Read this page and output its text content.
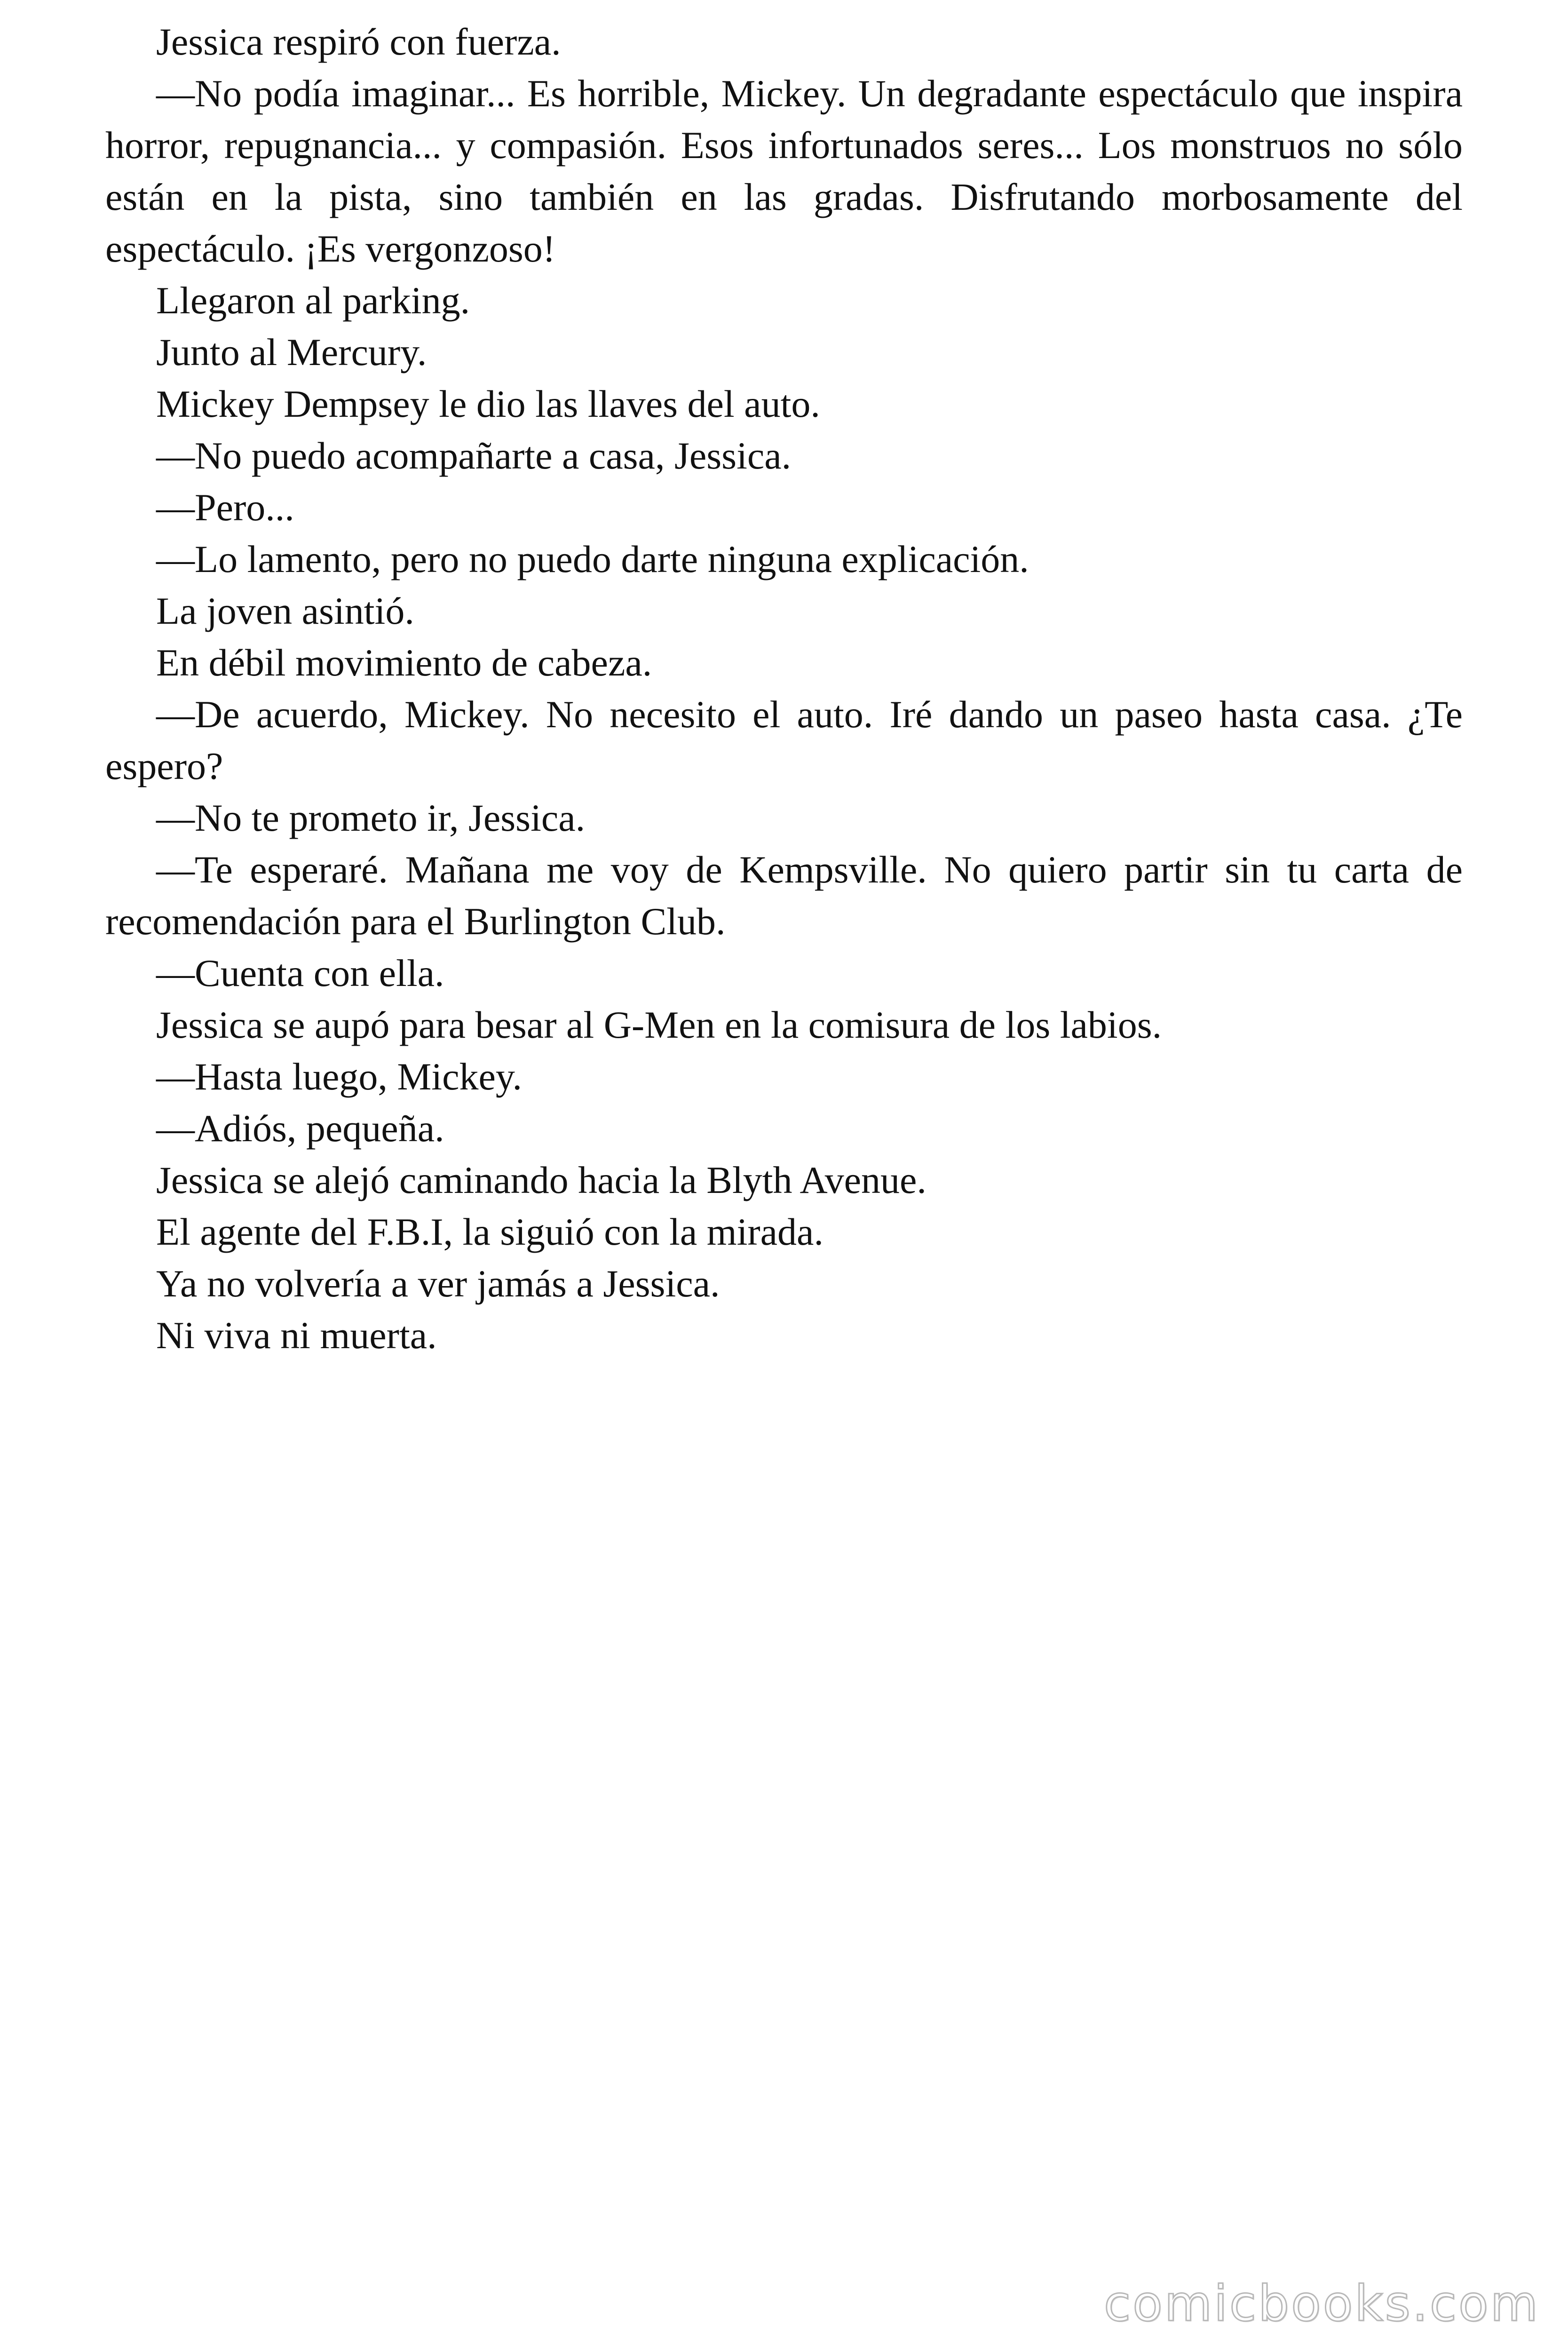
Jessica respiró con fuerza.

—No podía imaginar... Es horrible, Mickey. Un degradante espectáculo que inspira horror, repugnancia... y compasión. Esos infortunados seres... Los monstruos no sólo están en la pista, sino también en las gradas. Disfrutando morbosamente del espectáculo. ¡Es vergonzoso!

Llegaron al parking.

Junto al Mercury.

Mickey Dempsey le dio las llaves del auto.

—No puedo acompañarte a casa, Jessica.

—Pero...

—Lo lamento, pero no puedo darte ninguna explicación.

La joven asintió.

En débil movimiento de cabeza.

—De acuerdo, Mickey. No necesito el auto. Iré dando un paseo hasta casa. ¿Te espero?

—No te prometo ir, Jessica.

—Te esperaré. Mañana me voy de Kempsville. No quiero partir sin tu carta de recomendación para el Burlington Club.

—Cuenta con ella.

Jessica se aupó para besar al G-Men en la comisura de los labios.

—Hasta luego, Mickey.

—Adiós, pequeña.

Jessica se alejó caminando hacia la Blyth Avenue.

El agente del F.B.I, la siguió con la mirada.

Ya no volvería a ver jamás a Jessica.

Ni viva ni muerta.

comicbooks.com
